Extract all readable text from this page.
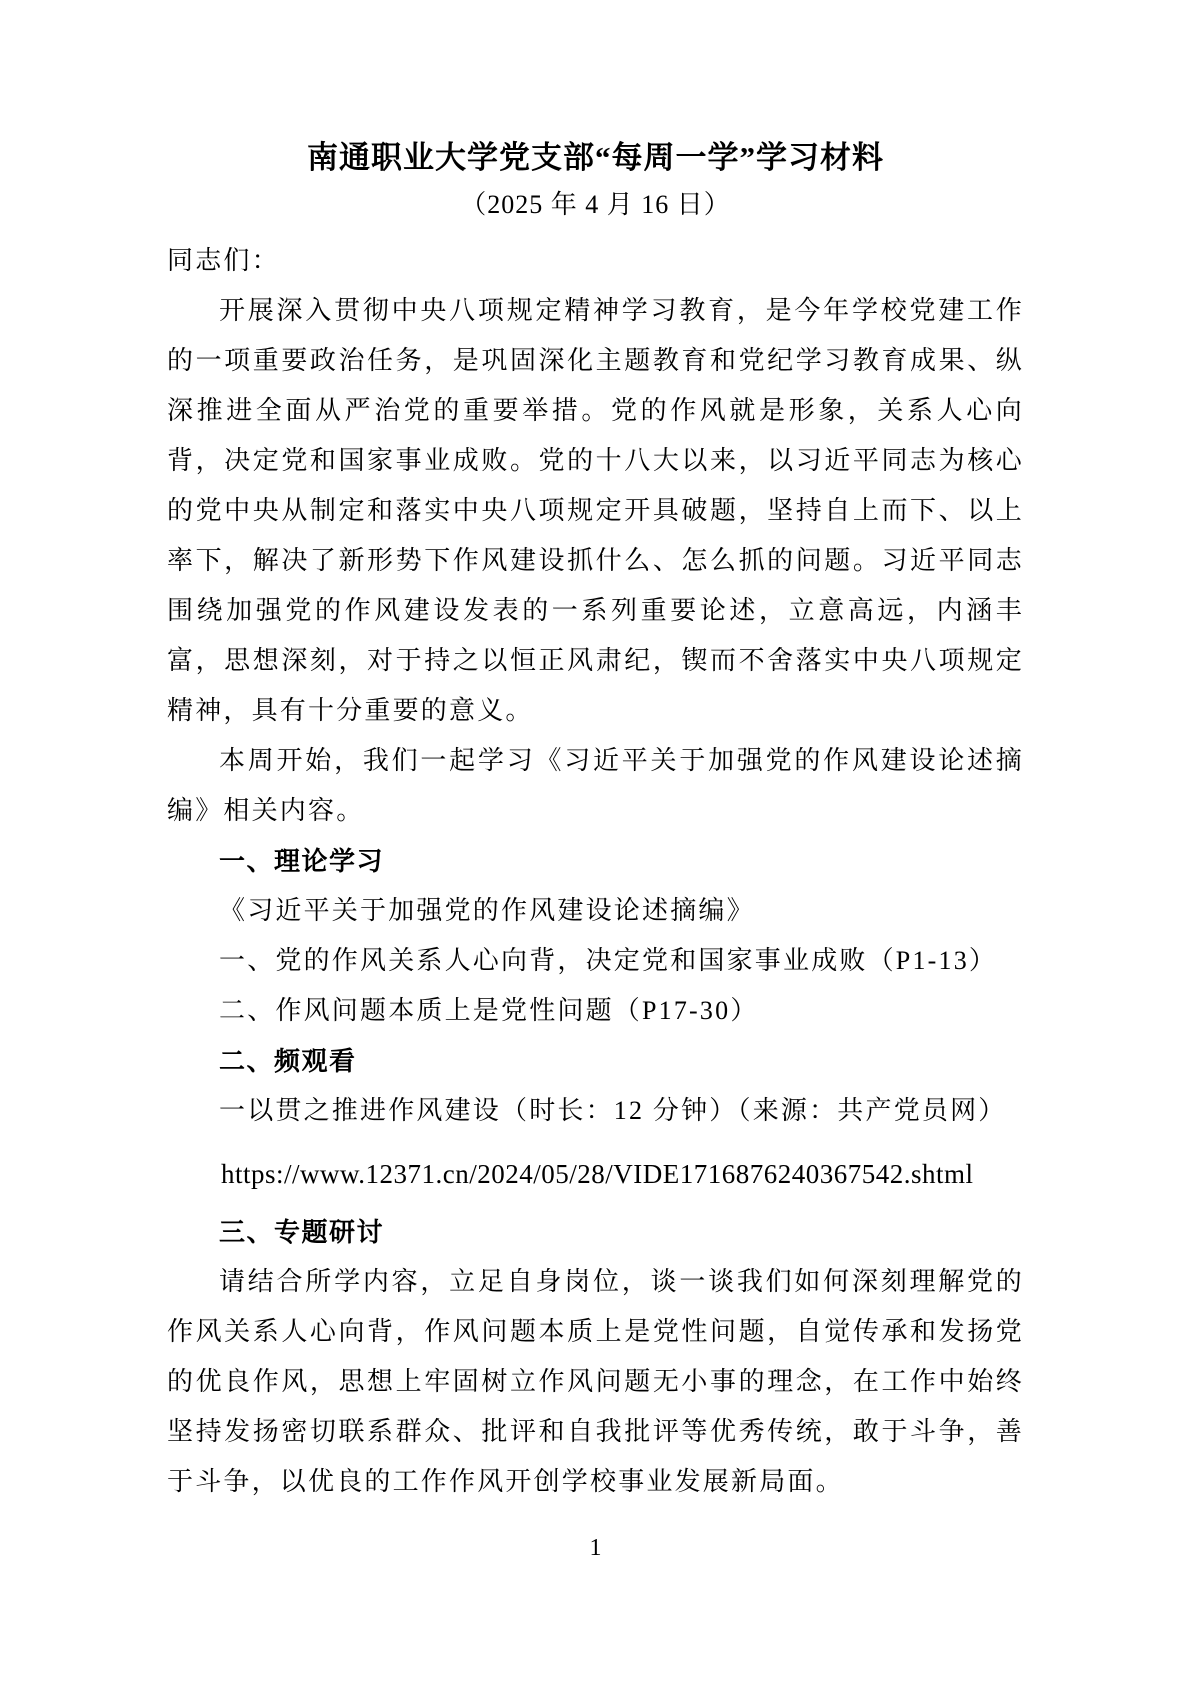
南通职业大学党支部“每周一学”学习材料
（2025 年 4 月 16 日）

同志们：

开展深入贯彻中央八项规定精神学习教育，是今年学校党建工作的一项重要政治任务，是巩固深化主题教育和党纪学习教育成果、纵深推进全面从严治党的重要举措。党的作风就是形象，关系人心向背，决定党和国家事业成败。党的十八大以来，以习近平同志为核心的党中央从制定和落实中央八项规定开具破题，坚持自上而下、以上率下，解决了新形势下作风建设抓什么、怎么抓的问题。习近平同志围绕加强党的作风建设发表的一系列重要论述，立意高远，内涵丰富，思想深刻，对于持之以恒正风肃纪，锲而不舍落实中央八项规定精神，具有十分重要的意义。

本周开始，我们一起学习《习近平关于加强党的作风建设论述摘编》相关内容。

一、理论学习

《习近平关于加强党的作风建设论述摘编》

一、党的作风关系人心向背，决定党和国家事业成败（P1-13）

二、作风问题本质上是党性问题（P17-30）

二、频观看

一以贯之推进作风建设（时长：12 分钟）（来源：共产党员网）

https://www.12371.cn/2024/05/28/VIDE1716876240367542.shtml

三、专题研讨

请结合所学内容，立足自身岗位，谈一谈我们如何深刻理解党的作风关系人心向背，作风问题本质上是党性问题，自觉传承和发扬党的优良作风，思想上牢固树立作风问题无小事的理念，在工作中始终坚持发扬密切联系群众、批评和自我批评等优秀传统，敢于斗争，善于斗争，以优良的工作作风开创学校事业发展新局面。

1
